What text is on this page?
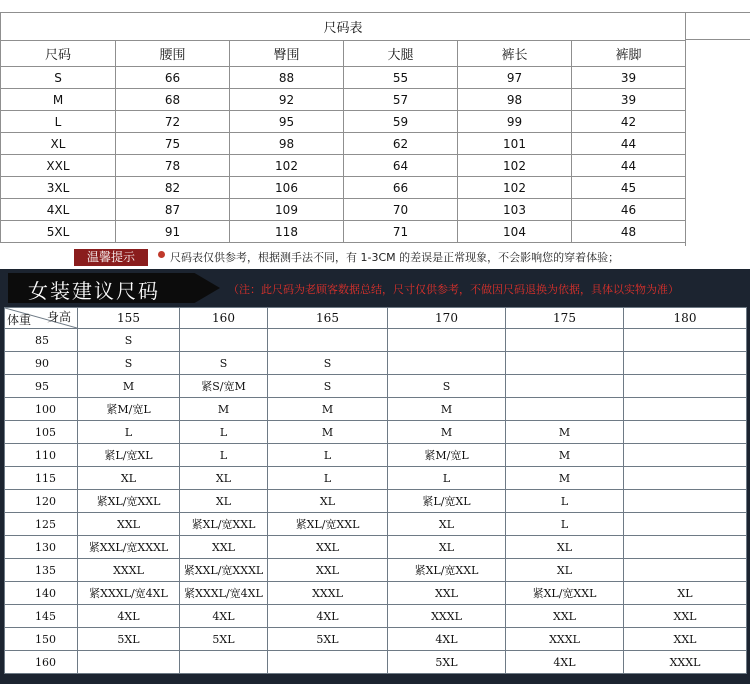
尺码表					
尺码	腰围	臀围	大腿	裤长	裤脚
S	66	88	55	97	39
M	68	92	57	98	39
L	72	95	59	99	42
XL	75	98	62	101	44
XXL	78	102	64	102	44
3XL	82	106	66	102	45
4XL	87	109	70	103	46
5XL	91	118	71	104	48
温馨提示	尺码表仅供参考，根据测手法不同，有 1-3CM 的差误是正常现象，不会影响您的穿着体验；
女装建议尺码	（注：此尺码为老顾客数据总结，尺寸仅供参考，不做因尺码退换为依据，具体以实物为准）
身高
体重	155	160	165	170	175	180
85	S					
90	S	S	S			
95	M	紧S/宽M	S	S		
100	紧M/宽L	M	M	M		
105	L	L	M	M	M	
110	紧L/宽XL	L	L	紧M/宽L	M	
115	XL	XL	L	L	M	
120	紧XL/宽XXL	XL	XL	紧L/宽XL	L	
125	XXL	紧XL/宽XXL	紧XL/宽XXL	XL	L	
130	紧XXL/宽XXXL	XXL	XXL	XL	XL	
135	XXXL	紧XXL/宽XXXL	XXL	紧XL/宽XXL	XL	
140	紧XXXL/宽4XL	紧XXXL/宽4XL	XXXL	XXL	紧XL/宽XXL	XL
145	4XL	4XL	4XL	XXXL	XXL	XXL
150	5XL	5XL	5XL	4XL	XXXL	XXL
160				5XL	4XL	XXXL
